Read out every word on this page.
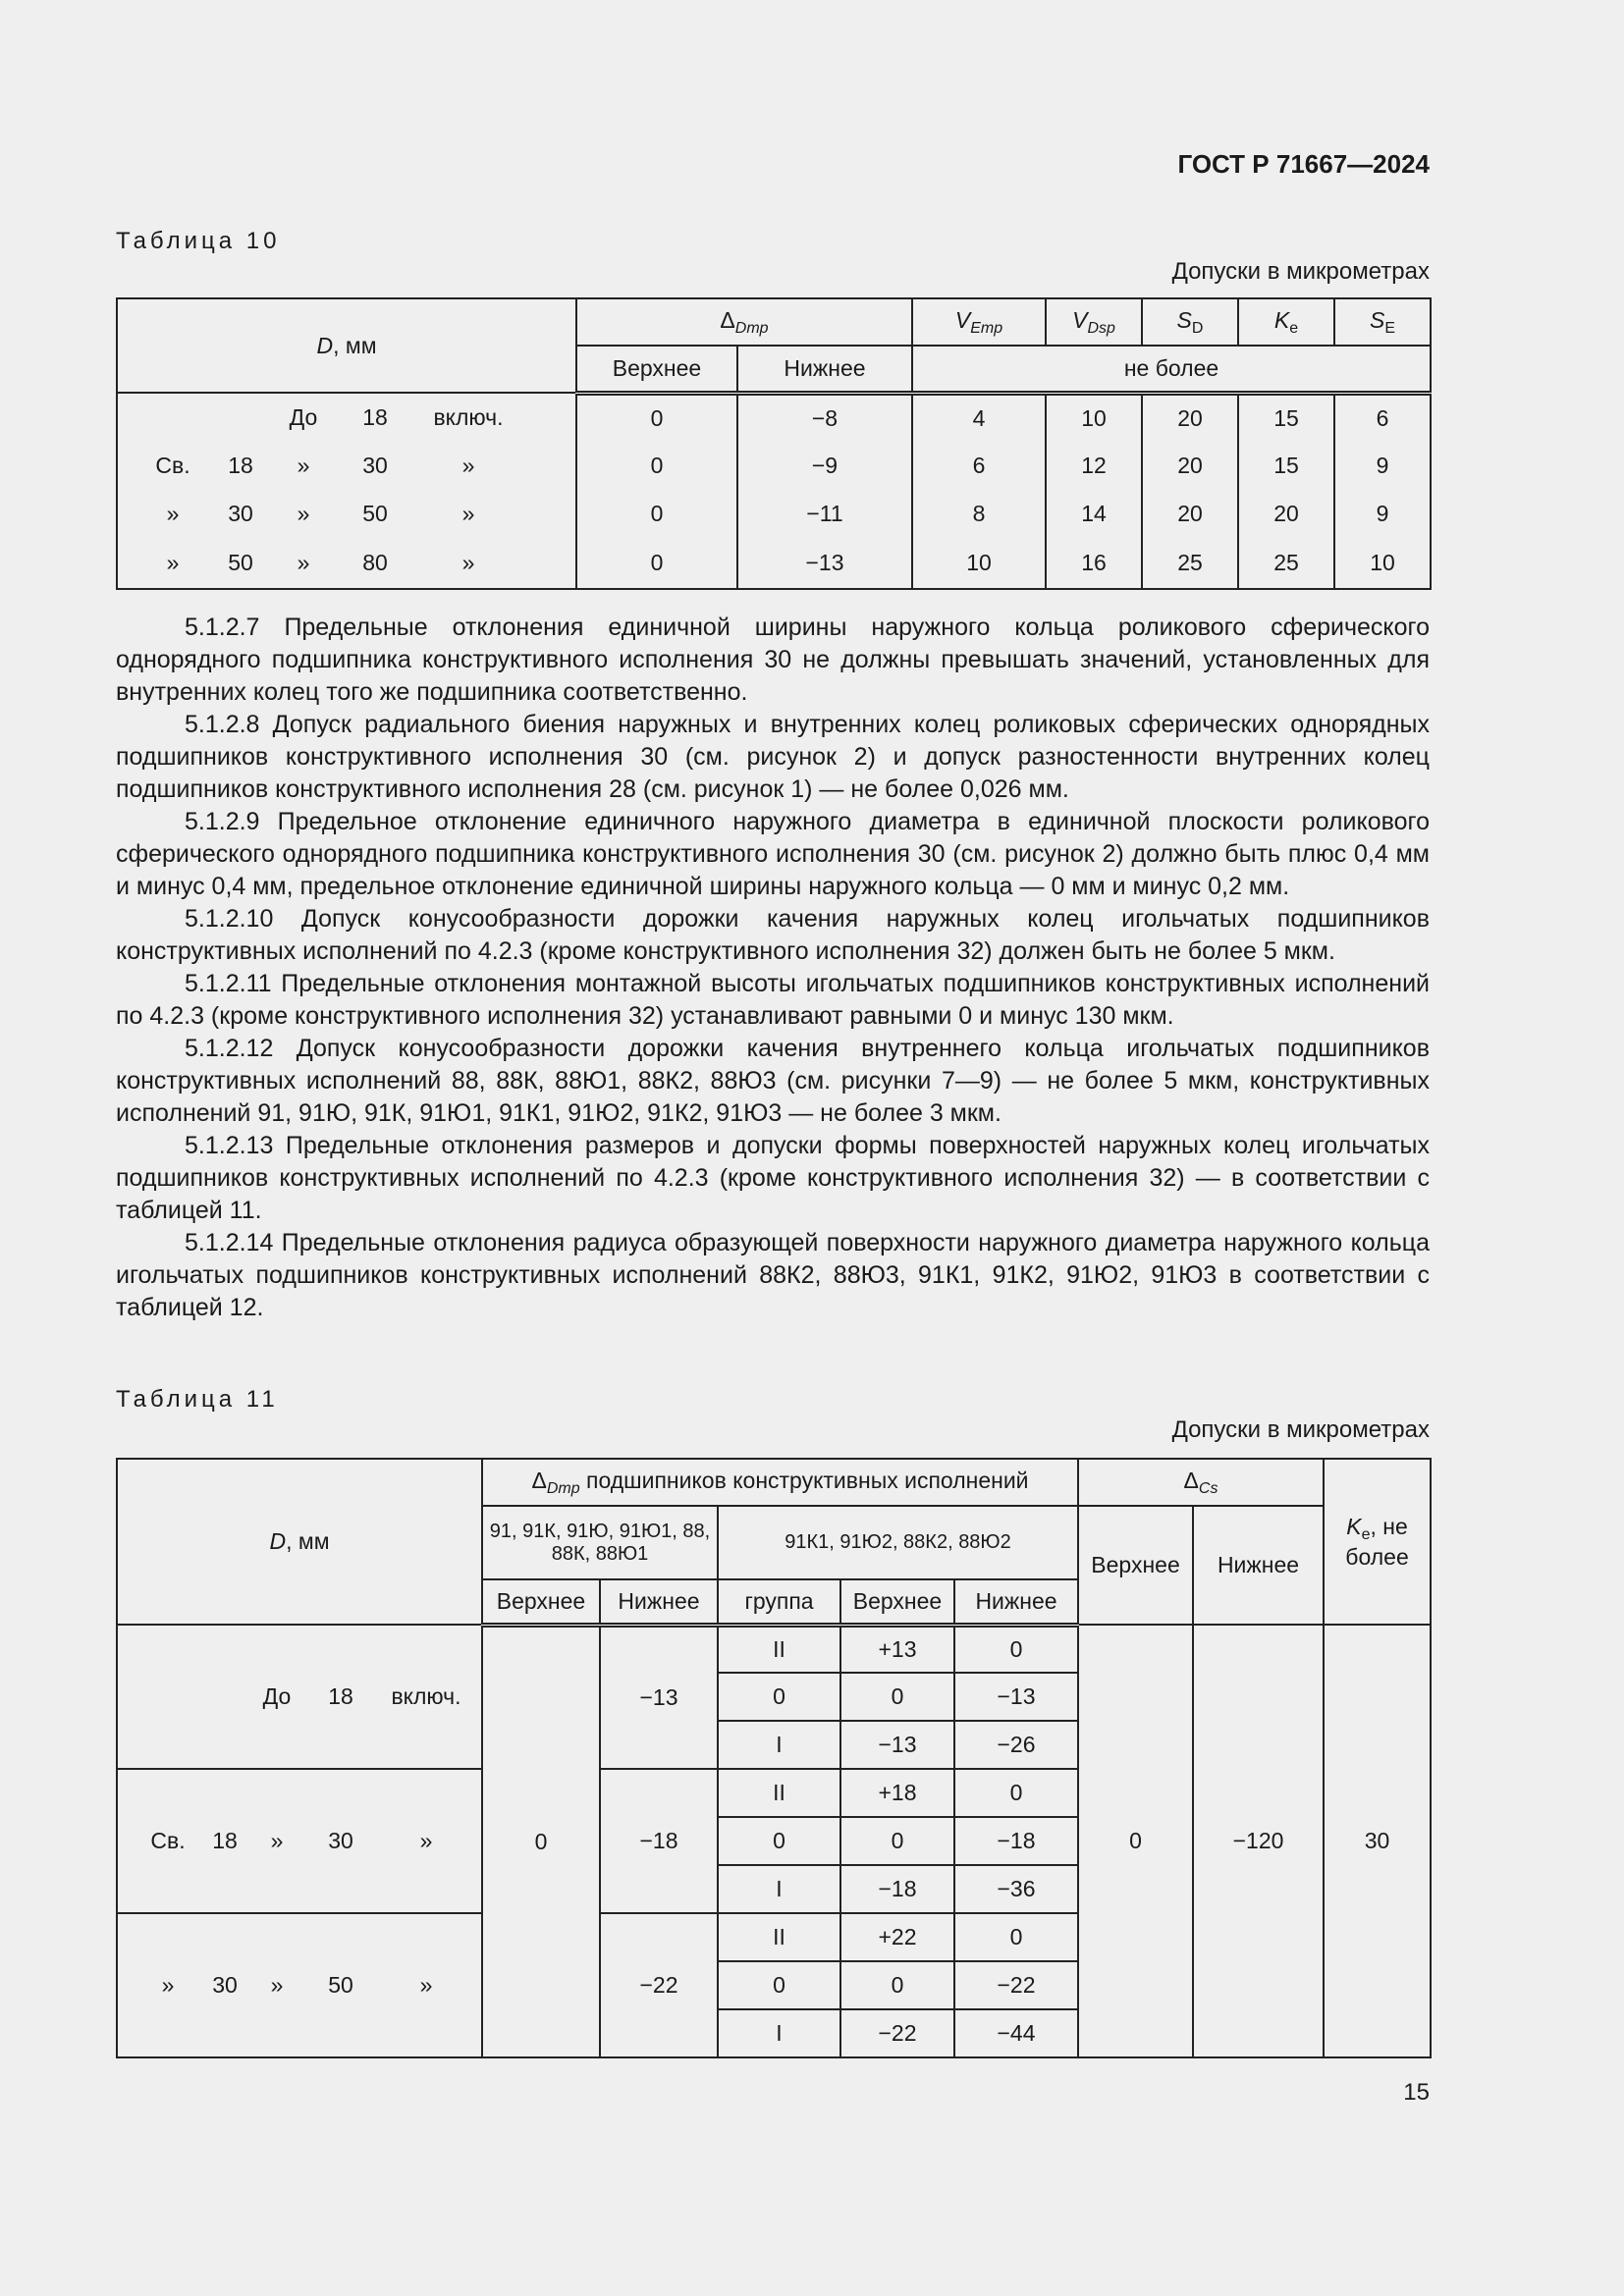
ГОСТ Р 71667—2024
Таблица 10
Допуски в микрометрах
D, мм	$\Delta_{Dmp}$		$V_{Emp}$	$V_{Dsp}$	$S_D$	$K_e$	$S_E$
	Верхнее	Нижнее	не более				

До 18 включ.	0	−8	4	10	20	15	6

Св. 18 » 30 »	0	−9	6	12	20	15	9

» 30 » 50 »	0	−11	8	14	20	20	9

» 50 » 80 »	0	−13	10	16	25	25	10

5.1.2.7 Предельные отклонения единичной ширины наружного кольца роликового сферического однорядного подшипника конструктивного исполнения 30 не должны превышать значений, установленных для внутренних колец того же подшипника соответственно.

5.1.2.8 Допуск радиального биения наружных и внутренних колец роликовых сферических однорядных подшипников конструктивного исполнения 30 (см. рисунок 2) и допуск разностенности внутренних колец подшипников конструктивного исполнения 28 (см. рисунок 1) — не более 0,026 мм.

5.1.2.9 Предельное отклонение единичного наружного диаметра в единичной плоскости роликового сферического однорядного подшипника конструктивного исполнения 30 (см. рисунок 2) должно быть плюс 0,4 мм и минус 0,4 мм, предельное отклонение единичной ширины наружного кольца — 0 мм и минус 0,2 мм.

5.1.2.10 Допуск конусообразности дорожки качения наружных колец игольчатых подшипников конструктивных исполнений по 4.2.3 (кроме конструктивного исполнения 32) должен быть не более 5 мкм.

5.1.2.11 Предельные отклонения монтажной высоты игольчатых подшипников конструктивных исполнений по 4.2.3 (кроме конструктивного исполнения 32) устанавливают равными 0 и минус 130 мкм.

5.1.2.12 Допуск конусообразности дорожки качения внутреннего кольца игольчатых подшипников конструктивных исполнений 88, 88К, 88Ю1, 88К2, 88Ю3 (см. рисунки 7—9) — не более 5 мкм, конструктивных исполнений 91, 91Ю, 91К, 91Ю1, 91К1, 91Ю2, 91К2, 91Ю3 — не более 3 мкм.

5.1.2.13 Предельные отклонения размеров и допуски формы поверхностей наружных колец игольчатых подшипников конструктивных исполнений по 4.2.3 (кроме конструктивного исполнения 32) — в соответствии с таблицей 11.

5.1.2.14 Предельные отклонения радиуса образующей поверхности наружного диаметра наружного кольца игольчатых подшипников конструктивных исполнений 88К2, 88Ю3, 91К1, 91К2, 91Ю2, 91Ю3 в соответствии с таблицей 12.

Таблица 11
Допуски в микрометрах
D, мм	$\Delta_{Dmp}$ подшипников конструктивных исполнений					$\Delta_{Cs}$		$K_e$, не более
	91, 91К, 91Ю, 91Ю1, 88, 88К, 88Ю1		91К1, 91Ю2, 88К2, 88Ю2			Верхнее	Нижнее	
	Верхнее	Нижнее	группа	Верхнее	Нижнее			

До 18 включ.	0	−13	II	+13	0	0	−120	30
			0	0	−13			
			I	−13	−26			

Св. 18 » 30 »		−18	II	+18	0			
			0	0	−18			
			I	−18	−36			

» 30 » 50 »		−22	II	+22	0			
			0	0	−22			
			I	−22	−44			
15
